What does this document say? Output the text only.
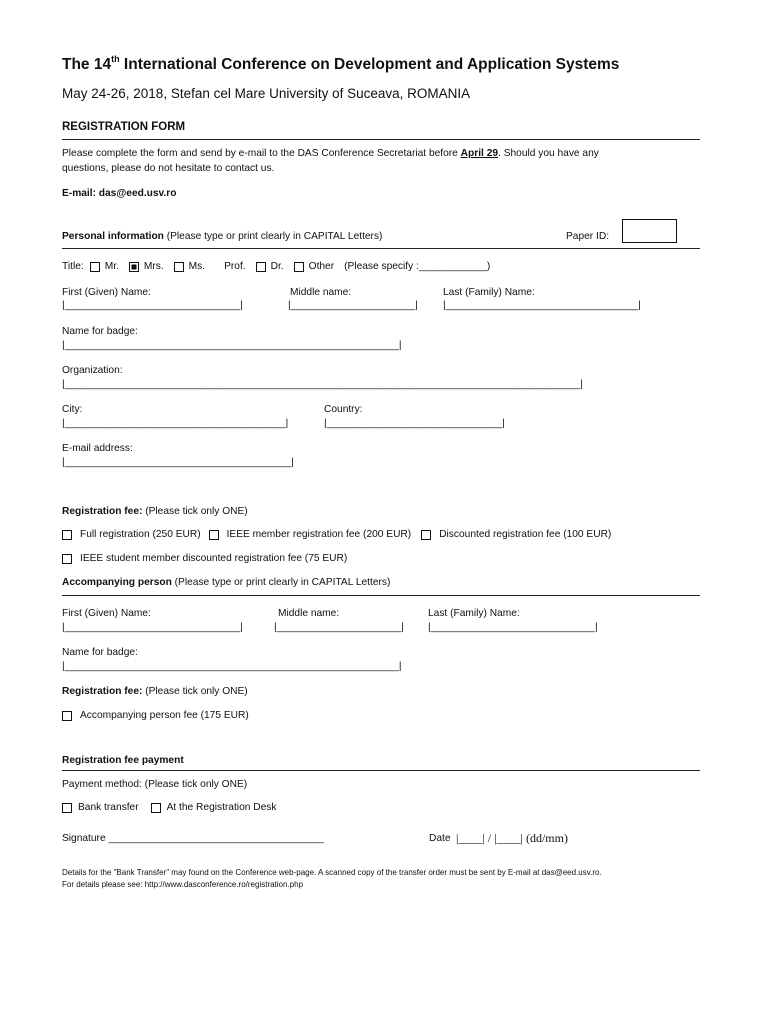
The 14th International Conference on Development and Application Systems
May 24-26, 2018, Stefan cel Mare University of Suceava, ROMANIA
REGISTRATION FORM
Please complete the form and send by e-mail to the DAS Conference Secretariat before April 29. Should you have any
questions, please do not hesitate to contact us.
E-mail: das@eed.usv.ro
Personal information (Please type or print clearly in CAPITAL Letters)	Paper ID:
Title: Mr. Mrs. Ms. Prof. Dr. Other (Please specify :____________)
First (Given) Name:	Middle name:	Last (Family) Name:
|_______________________________|	|______________________|	|__________________________________|
Name for badge:
|___________________________________________________________|
Organization:
|___________________________________________________________________________________________|
City:	Country:
|_______________________________________|	|_______________________________|
E-mail address:
|________________________________________|
Registration fee: (Please tick only ONE)
Full registration (250 EUR)	IEEE member registration fee (200 EUR)	Discounted registration fee (100 EUR)
IEEE student member discounted registration fee (75 EUR)
Accompanying person (Please type or print clearly in CAPITAL Letters)
First (Given) Name:	Middle name:	Last (Family) Name:
|_______________________________|	|______________________|	|_____________________________|
Name for badge:
|___________________________________________________________|
Registration fee: (Please tick only ONE)
Accompanying person fee (175 EUR)
Registration fee payment
Payment method: (Please tick only ONE)
Bank transfer	At the Registration Desk
Signature ______________________________________	Date |____| / |____| (dd/mm)
Details for the "Bank Transfer" may found on the Conference web-page. A scanned copy of the transfer order must be sent by E-mail at das@eed.usv.ro.
For details please see: http://www.dasconference.ro/registration.php
